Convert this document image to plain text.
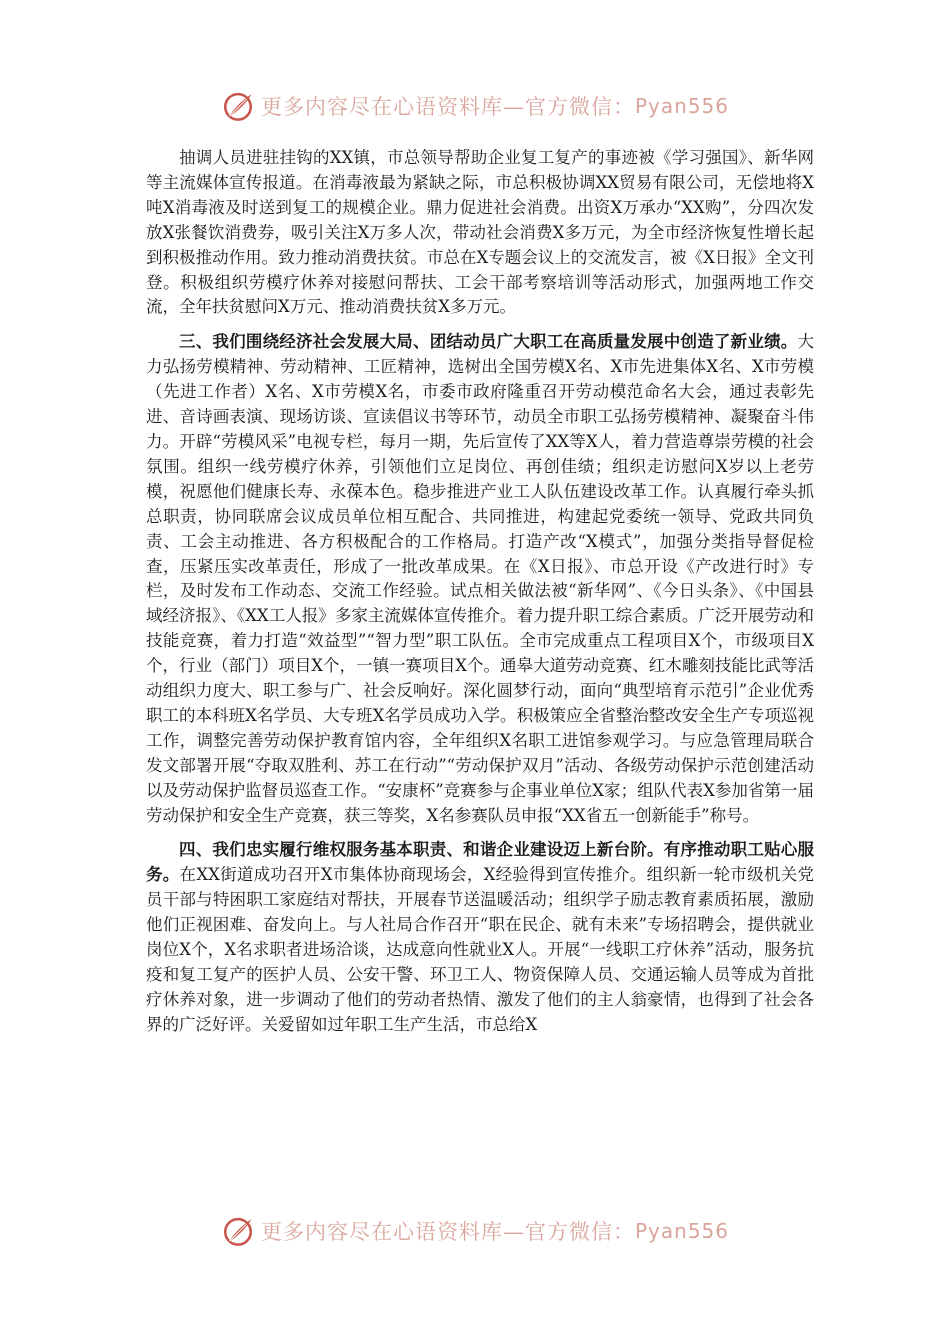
更多内容尽在心语资料库—官方微信： Pyan556

抽调人员进驻挂钩的XX镇，市总领导帮助企业复工复产的事迹被《学习强国》、新华网等主流媒体宣传报道。在消毒液最为紧缺之际，市总积极协调XX贸易有限公司，无偿地将X吨X消毒液及时送到复工的规模企业。鼎力促进社会消费。出资X万承办“XX购”，分四次发放X张餐饮消费券，吸引关注X万多人次，带动社会消费X多万元，为全市经济恢复性增长起到积极推动作用。致力推动消费扶贫。市总在X专题会议上的交流发言，被《X日报》全文刊登。积极组织劳模疗休养对接慰问帮扶、工会干部考察培训等活动形式，加强两地工作交流，全年扶贫慰问X万元、推动消费扶贫X多万元。

三、我们围绕经济社会发展大局、团结动员广大职工在高质量发展中创造了新业绩。大力弘扬劳模精神、劳动精神、工匠精神，选树出全国劳模X名、X市先进集体X名、X市劳模（先进工作者）X名、X市劳模X名，市委市政府隆重召开劳动模范命名大会，通过表彰先进、音诗画表演、现场访谈、宣读倡议书等环节，动员全市职工弘扬劳模精神、凝聚奋斗伟力。开辟“劳模风采”电视专栏，每月一期，先后宣传了XX等X人，着力营造尊崇劳模的社会氛围。组织一线劳模疗休养，引领他们立足岗位、再创佳绩；组织走访慰问X岁以上老劳模，祝愿他们健康长寿、永葆本色。稳步推进产业工人队伍建设改革工作。认真履行牵头抓总职责，协同联席会议成员单位相互配合、共同推进，构建起党委统一领导、党政共同负责、工会主动推进、各方积极配合的工作格局。打造产改“X模式”，加强分类指导督促检查，压紧压实改革责任，形成了一批改革成果。在《X日报》、市总开设《产改进行时》专栏，及时发布工作动态、交流工作经验。试点相关做法被“新华网”、《今日头条》、《中国县域经济报》、《XX工人报》多家主流媒体宣传推介。着力提升职工综合素质。广泛开展劳动和技能竞赛，着力打造“效益型”“智力型”职工队伍。全市完成重点工程项目X个，市级项目X个，行业（部门）项目X个，一镇一赛项目X个。通皋大道劳动竞赛、红木雕刻技能比武等活动组织力度大、职工参与广、社会反响好。深化圆梦行动，面向“典型培育示范引”企业优秀职工的本科班X名学员、大专班X名学员成功入学。积极策应全省整治整改安全生产专项巡视工作，调整完善劳动保护教育馆内容，全年组织X名职工进馆参观学习。与应急管理局联合发文部署开展“夺取双胜利、苏工在行动”“劳动保护双月”活动、各级劳动保护示范创建活动以及劳动保护监督员巡查工作。“安康杯”竞赛参与企事业单位X家；组队代表X参加省第一届劳动保护和安全生产竞赛，获三等奖，X名参赛队员申报“XX省五一创新能手”称号。

四、我们忠实履行维权服务基本职责、和谐企业建设迈上新台阶。有序推动职工贴心服务。在XX街道成功召开X市集体协商现场会，X经验得到宣传推介。组织新一轮市级机关党员干部与特困职工家庭结对帮扶，开展春节送温暖活动；组织学子励志教育素质拓展，激励他们正视困难、奋发向上。与人社局合作召开“职在民企、就有未来”专场招聘会，提供就业岗位X个，X名求职者进场洽谈，达成意向性就业X人。开展“一线职工疗休养”活动，服务抗疫和复工复产的医护人员、公安干警、环卫工人、物资保障人员、交通运输人员等成为首批疗休养对象，进一步调动了他们的劳动者热情、激发了他们的主人翁豪情，也得到了社会各界的广泛好评。关爱留如过年职工生产生活，市总给X

更多内容尽在心语资料库—官方微信： Pyan556
